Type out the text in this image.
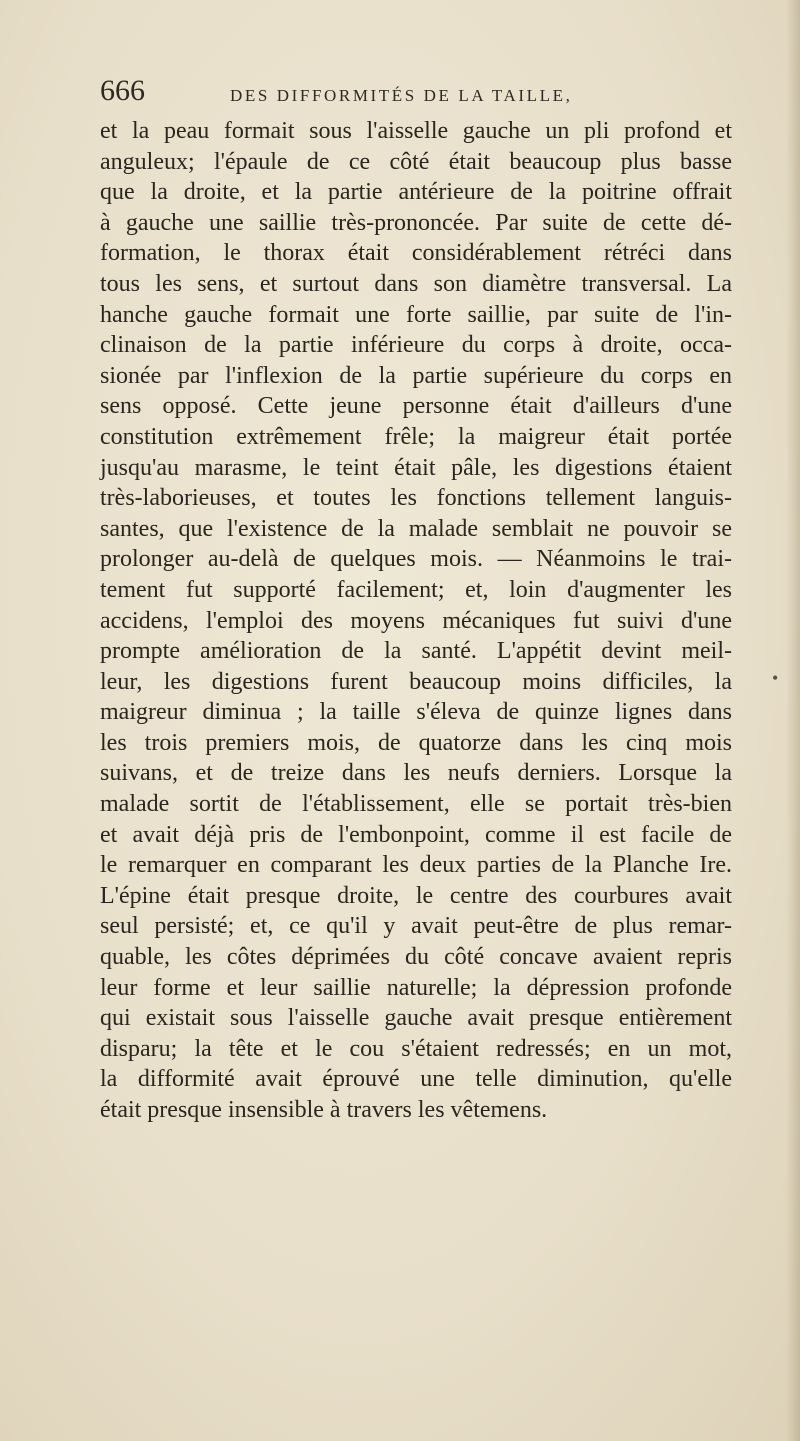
666	DES DIFFORMITÉS DE LA TAILLE,
et la peau formait sous l'aisselle gauche un pli profond et
anguleux; l'épaule de ce côté était beaucoup plus basse
que la droite, et la partie antérieure de la poitrine offrait
à gauche une saillie très-prononcée. Par suite de cette dé-
formation, le thorax était considérablement rétréci dans
tous les sens, et surtout dans son diamètre transversal. La
hanche gauche formait une forte saillie, par suite de l'in-
clinaison de la partie inférieure du corps à droite, occa-
sionée par l'inflexion de la partie supérieure du corps en
sens opposé. Cette jeune personne était d'ailleurs d'une
constitution extrêmement frêle; la maigreur était portée
jusqu'au marasme, le teint était pâle, les digestions étaient
très-laborieuses, et toutes les fonctions tellement languis-
santes, que l'existence de la malade semblait ne pouvoir se
prolonger au-delà de quelques mois. — Néanmoins le trai-
tement fut supporté facilement; et, loin d'augmenter les
accidens, l'emploi des moyens mécaniques fut suivi d'une
prompte amélioration de la santé. L'appétit devint meil-
leur, les digestions furent beaucoup moins difficiles, la
maigreur diminua ; la taille s'éleva de quinze lignes dans
les trois premiers mois, de quatorze dans les cinq mois
suivans, et de treize dans les neufs derniers. Lorsque la
malade sortit de l'établissement, elle se portait très-bien
et avait déjà pris de l'embonpoint, comme il est facile de
le remarquer en comparant les deux parties de la Planche Ire.
L'épine était presque droite, le centre des courbures avait
seul persisté; et, ce qu'il y avait peut-être de plus remar-
quable, les côtes déprimées du côté concave avaient repris
leur forme et leur saillie naturelle; la dépression profonde
qui existait sous l'aisselle gauche avait presque entièrement
disparu; la tête et le cou s'étaient redressés; en un mot,
la difformité avait éprouvé une telle diminution, qu'elle
était presque insensible à travers les vêtemens.
•
